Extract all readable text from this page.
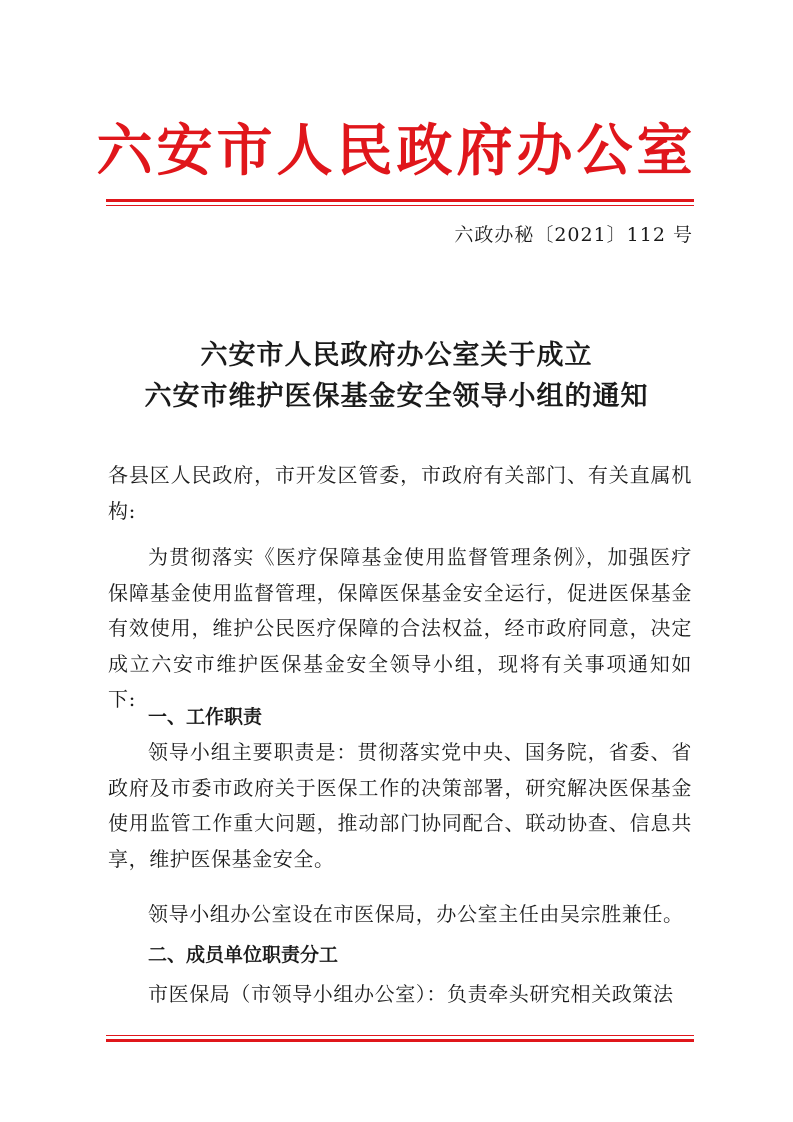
六安市人民政府办公室
六政办秘〔2021〕112 号
六安市人民政府办公室关于成立
六安市维护医保基金安全领导小组的通知
各县区人民政府，市开发区管委，市政府有关部门、有关直属机构:
为贯彻落实《医疗保障基金使用监督管理条例》，加强医疗保障基金使用监督管理，保障医保基金安全运行，促进医保基金有效使用，维护公民医疗保障的合法权益，经市政府同意，决定成立六安市维护医保基金安全领导小组，现将有关事项通知如下:
一、工作职责
领导小组主要职责是：贯彻落实党中央、国务院，省委、省政府及市委市政府关于医保工作的决策部署，研究解决医保基金使用监管工作重大问题，推动部门协同配合、联动协查、信息共享，维护医保基金安全。
领导小组办公室设在市医保局，办公室主任由吴宗胜兼任。
二、成员单位职责分工
市医保局（市领导小组办公室）：负责牵头研究相关政策法
